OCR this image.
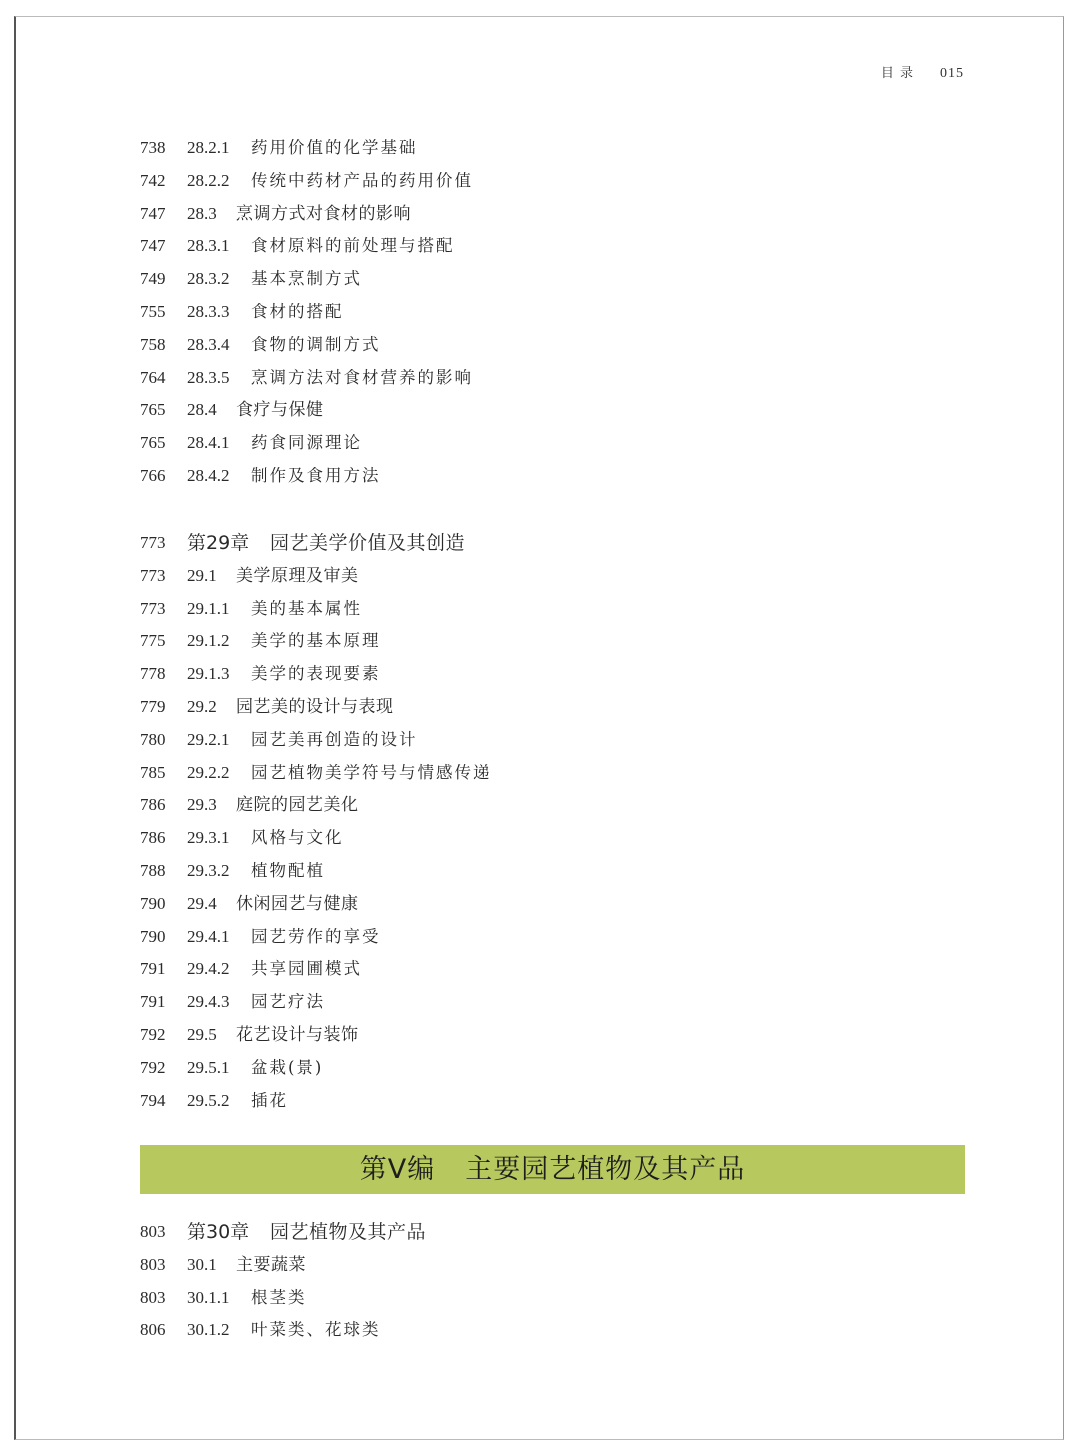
目 录 015
738 28.2.1 药用价值的化学基础
742 28.2.2 传统中药材产品的药用价值
747 28.3 烹调方式对食材的影响
747 28.3.1 食材原料的前处理与搭配
749 28.3.2 基本烹制方式
755 28.3.3 食材的搭配
758 28.3.4 食物的调制方式
764 28.3.5 烹调方法对食材营养的影响
765 28.4 食疗与保健
765 28.4.1 药食同源理论
766 28.4.2 制作及食用方法
773 第29章 园艺美学价值及其创造
773 29.1 美学原理及审美
773 29.1.1 美的基本属性
775 29.1.2 美学的基本原理
778 29.1.3 美学的表现要素
779 29.2 园艺美的设计与表现
780 29.2.1 园艺美再创造的设计
785 29.2.2 园艺植物美学符号与情感传递
786 29.3 庭院的园艺美化
786 29.3.1 风格与文化
788 29.3.2 植物配植
790 29.4 休闲园艺与健康
790 29.4.1 园艺劳作的享受
791 29.4.2 共享园圃模式
791 29.4.3 园艺疗法
792 29.5 花艺设计与装饰
792 29.5.1 盆栽(景)
794 29.5.2 插花
第Ⅴ编 主要园艺植物及其产品
803 第30章 园艺植物及其产品
803 30.1 主要蔬菜
803 30.1.1 根茎类
806 30.1.2 叶菜类、花球类
